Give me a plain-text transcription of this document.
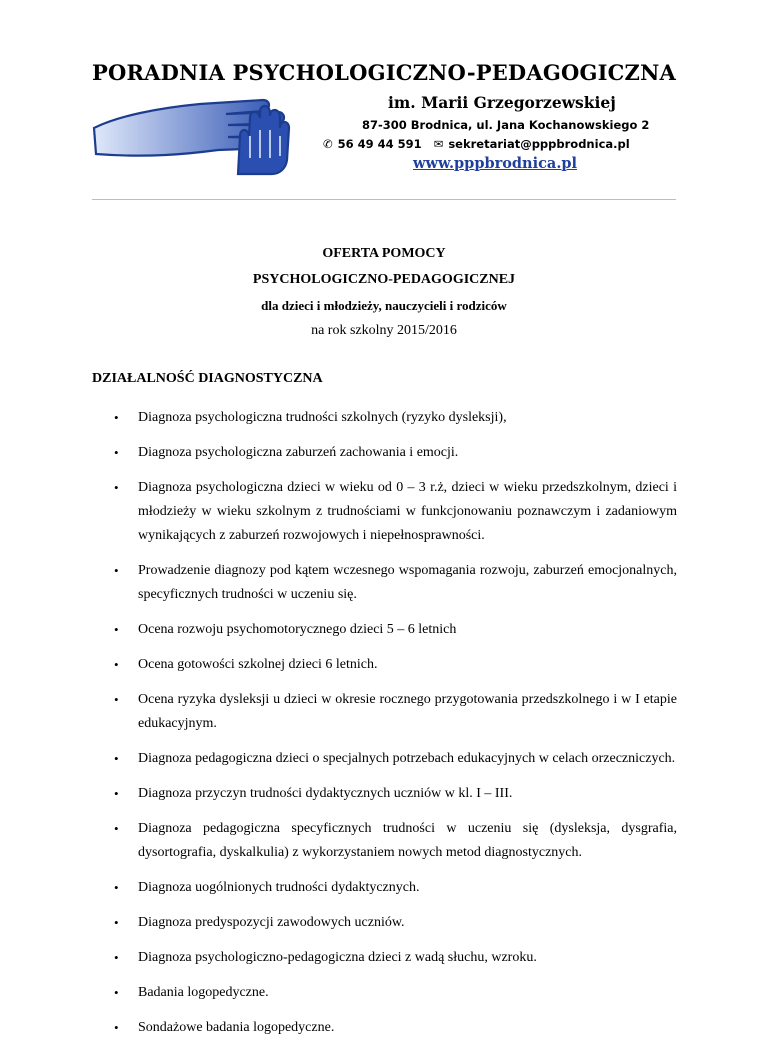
PORADNIA PSYCHOLOGICZNO-PEDAGOGICZNA
im. Marii Grzegorzewskiej
87-300 Brodnica, ul. Jana Kochanowskiego 2
✆ 56 49 44 591 ✉ sekretariat@pppbrodnica.pl
www.pppbrodnica.pl
OFERTA POMOCY
PSYCHOLOGICZNO-PEDAGOGICZNEJ
dla dzieci i młodzieży, nauczycieli i rodziców
na rok szkolny 2015/2016
DZIAŁALNOŚĆ DIAGNOSTYCZNA
• Diagnoza psychologiczna trudności szkolnych (ryzyko dysleksji),
• Diagnoza psychologiczna zaburzeń zachowania i emocji.
• Diagnoza psychologiczna dzieci w wieku od 0 – 3 r.ż, dzieci w wieku przedszkolnym, dzieci i młodzieży w wieku szkolnym z trudnościami w funkcjonowaniu poznawczym i zadaniowym wynikających z zaburzeń rozwojowych i niepełnosprawności.
• Prowadzenie diagnozy pod kątem wczesnego wspomagania rozwoju, zaburzeń emocjonalnych, specyficznych trudności w uczeniu się.
• Ocena rozwoju psychomotorycznego dzieci 5 – 6 letnich
• Ocena gotowości szkolnej dzieci 6 letnich.
• Ocena ryzyka dysleksji u dzieci w okresie rocznego przygotowania przedszkolnego i w I etapie edukacyjnym.
• Diagnoza pedagogiczna dzieci o specjalnych potrzebach edukacyjnych w celach orzeczniczych.
• Diagnoza przyczyn trudności dydaktycznych uczniów w kl. I – III.
• Diagnoza pedagogiczna specyficznych trudności w uczeniu się (dysleksja, dysgrafia, dysortografia, dyskalkulia) z wykorzystaniem nowych metod diagnostycznych.
• Diagnoza uogólnionych trudności dydaktycznych.
• Diagnoza predyspozycji zawodowych uczniów.
• Diagnoza psychologiczno-pedagogiczna dzieci z wadą słuchu, wzroku.
• Badania logopedyczne.
• Sondażowe badania logopedyczne.
